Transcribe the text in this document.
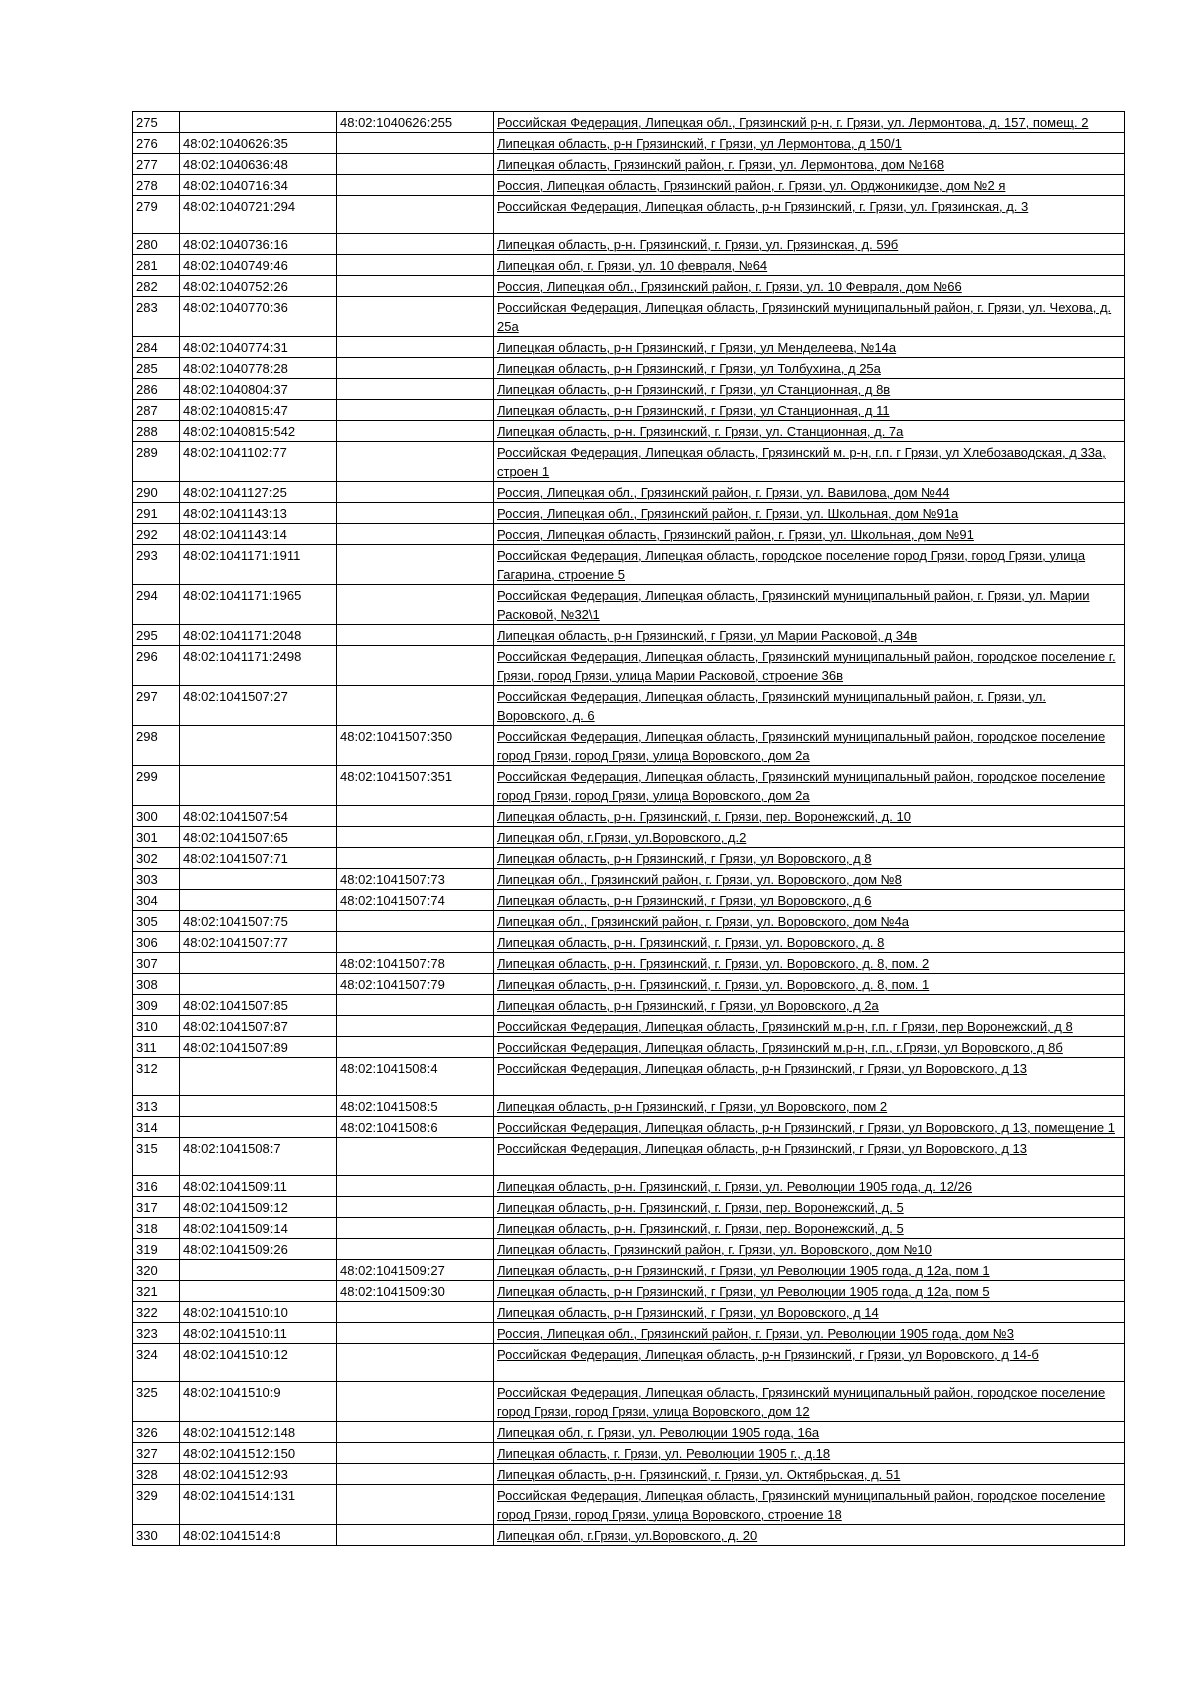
275		48:02:1040626:255	Российская Федерация, Липецкая обл., Грязинский р-н, г. Грязи, ул. Лермонтова, д. 157, помещ. 2
276	48:02:1040626:35		Липецкая область, р-н Грязинский, г Грязи, ул Лермонтова, д 150/1
277	48:02:1040636:48		Липецкая область, Грязинский район, г. Грязи, ул. Лермонтова, дом №168
278	48:02:1040716:34		Россия, Липецкая область, Грязинский район, г. Грязи, ул. Орджоникидзе, дом №2 я
279	48:02:1040721:294		Российская Федерация, Липецкая область, р-н Грязинский, г. Грязи, ул. Грязинская, д. 3
280	48:02:1040736:16		Липецкая область, р-н. Грязинский, г. Грязи, ул. Грязинская, д. 59б
281	48:02:1040749:46		Липецкая обл, г. Грязи, ул. 10 февраля, №64
282	48:02:1040752:26		Россия, Липецкая обл., Грязинский район, г. Грязи, ул. 10 Февраля, дом №66
283	48:02:1040770:36		Российская Федерация, Липецкая область, Грязинский муниципальный район, г. Грязи, ул. Чехова, д. 25а
284	48:02:1040774:31		Липецкая область, р-н Грязинский, г Грязи, ул Менделеева, №14а
285	48:02:1040778:28		Липецкая область, р-н Грязинский, г Грязи, ул Толбухина, д 25а
286	48:02:1040804:37		Липецкая область, р-н Грязинский, г Грязи, ул Станционная, д 8в
287	48:02:1040815:47		Липецкая область, р-н Грязинский, г Грязи, ул Станционная, д 11
288	48:02:1040815:542		Липецкая область, р-н. Грязинский, г. Грязи, ул. Станционная, д. 7а
289	48:02:1041102:77		Российская Федерация, Липецкая область, Грязинский м. р-н, г.п. г Грязи, ул Хлебозаводская, д 33а, строен 1
290	48:02:1041127:25		Россия, Липецкая обл., Грязинский район, г. Грязи, ул. Вавилова, дом №44
291	48:02:1041143:13		Россия, Липецкая обл., Грязинский район, г. Грязи, ул. Школьная, дом №91а
292	48:02:1041143:14		Россия, Липецкая область, Грязинский район, г. Грязи, ул. Школьная, дом №91
293	48:02:1041171:1911		Российская Федерация, Липецкая область, городское поселение город Грязи, город Грязи, улица Гагарина, строение 5
294	48:02:1041171:1965		Российская Федерация, Липецкая область, Грязинский муниципальный район, г. Грязи, ул. Марии Расковой, №32\1
295	48:02:1041171:2048		Липецкая область, р-н Грязинский, г Грязи, ул Марии Расковой, д 34в
296	48:02:1041171:2498		Российская Федерация, Липецкая область, Грязинский муниципальный район, городское поселение г. Грязи, город Грязи, улица Марии Расковой, строение 36в
297	48:02:1041507:27		Российская Федерация, Липецкая область, Грязинский муниципальный район, г. Грязи, ул. Воровского, д. 6
298		48:02:1041507:350	Российская Федерация, Липецкая область, Грязинский муниципальный район, городское поселение город Грязи, город Грязи, улица Воровского, дом 2а
299		48:02:1041507:351	Российская Федерация, Липецкая область, Грязинский муниципальный район, городское поселение город Грязи, город Грязи, улица Воровского, дом 2а
300	48:02:1041507:54		Липецкая область, р-н. Грязинский, г. Грязи, пер. Воронежский, д. 10
301	48:02:1041507:65		Липецкая обл, г.Грязи, ул.Воровского, д.2
302	48:02:1041507:71		Липецкая область, р-н Грязинский, г Грязи, ул Воровского, д 8
303		48:02:1041507:73	Липецкая обл., Грязинский район, г. Грязи, ул. Воровского, дом №8
304		48:02:1041507:74	Липецкая область, р-н Грязинский, г Грязи, ул Воровского, д 6
305	48:02:1041507:75		Липецкая обл., Грязинский район, г. Грязи, ул. Воровского, дом №4а
306	48:02:1041507:77		Липецкая область, р-н. Грязинский, г. Грязи, ул. Воровского, д. 8
307		48:02:1041507:78	Липецкая область, р-н. Грязинский, г. Грязи, ул. Воровского, д. 8, пом. 2
308		48:02:1041507:79	Липецкая область, р-н. Грязинский, г. Грязи, ул. Воровского, д. 8, пом. 1
309	48:02:1041507:85		Липецкая область, р-н Грязинский, г Грязи, ул Воровского, д 2а
310	48:02:1041507:87		Российская Федерация, Липецкая область, Грязинский м.р-н, г.п. г Грязи, пер Воронежский, д 8
311	48:02:1041507:89		Российская Федерация, Липецкая область, Грязинский м.р-н, г.п., г.Грязи, ул Воровского, д 8б
312		48:02:1041508:4	Российская Федерация, Липецкая область, р-н Грязинский, г Грязи, ул Воровского, д 13
313		48:02:1041508:5	Липецкая область, р-н Грязинский, г Грязи, ул Воровского, пом 2
314		48:02:1041508:6	Российская Федерация, Липецкая область, р-н Грязинский, г Грязи, ул Воровского, д 13, помещение 1
315	48:02:1041508:7		Российская Федерация, Липецкая область, р-н Грязинский, г Грязи, ул Воровского, д 13
316	48:02:1041509:11		Липецкая область, р-н. Грязинский, г. Грязи, ул. Революции 1905 года, д. 12/26
317	48:02:1041509:12		Липецкая область, р-н. Грязинский, г. Грязи, пер. Воронежский, д. 5
318	48:02:1041509:14		Липецкая область, р-н. Грязинский, г. Грязи, пер. Воронежский, д. 5
319	48:02:1041509:26		Липецкая область, Грязинский район, г. Грязи, ул. Воровского, дом №10
320		48:02:1041509:27	Липецкая область, р-н Грязинский, г Грязи, ул Революции 1905 года, д 12а, пом 1
321		48:02:1041509:30	Липецкая область, р-н Грязинский, г Грязи, ул Революции 1905 года, д 12а, пом 5
322	48:02:1041510:10		Липецкая область, р-н Грязинский, г Грязи, ул Воровского, д 14
323	48:02:1041510:11		Россия, Липецкая обл., Грязинский район, г. Грязи, ул. Революции 1905 года, дом №3
324	48:02:1041510:12		Российская Федерация, Липецкая область, р-н Грязинский, г Грязи, ул Воровского, д 14-б
325	48:02:1041510:9		Российская Федерация, Липецкая область, Грязинский муниципальный район, городское поселение город Грязи, город Грязи, улица Воровского, дом 12
326	48:02:1041512:148		Липецкая обл, г. Грязи, ул. Революции 1905 года, 16а
327	48:02:1041512:150		Липецкая область, г. Грязи, ул. Революции 1905 г., д.18
328	48:02:1041512:93		Липецкая область, р-н. Грязинский, г. Грязи, ул. Октябрьская, д. 51
329	48:02:1041514:131		Российская Федерация, Липецкая область, Грязинский муниципальный район, городское поселение город Грязи, город Грязи, улица Воровского, строение 18
330	48:02:1041514:8		Липецкая обл, г.Грязи, ул.Воровского, д. 20
